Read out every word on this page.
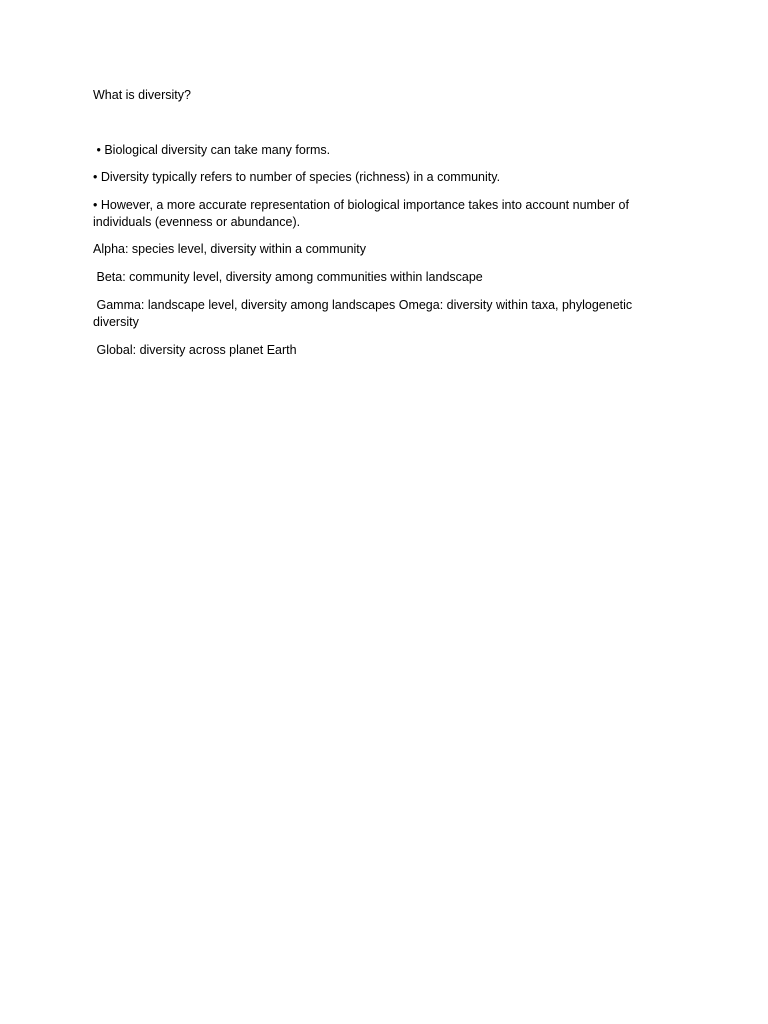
What is diversity?
• Biological diversity can take many forms.
• Diversity typically refers to number of species (richness) in a community.
• However, a more accurate representation of biological importance takes into account number of individuals (evenness or abundance).
Alpha: species level, diversity within a community
Beta: community level, diversity among communities within landscape
Gamma: landscape level, diversity among landscapes Omega: diversity within taxa, phylogenetic diversity
Global: diversity across planet Earth
